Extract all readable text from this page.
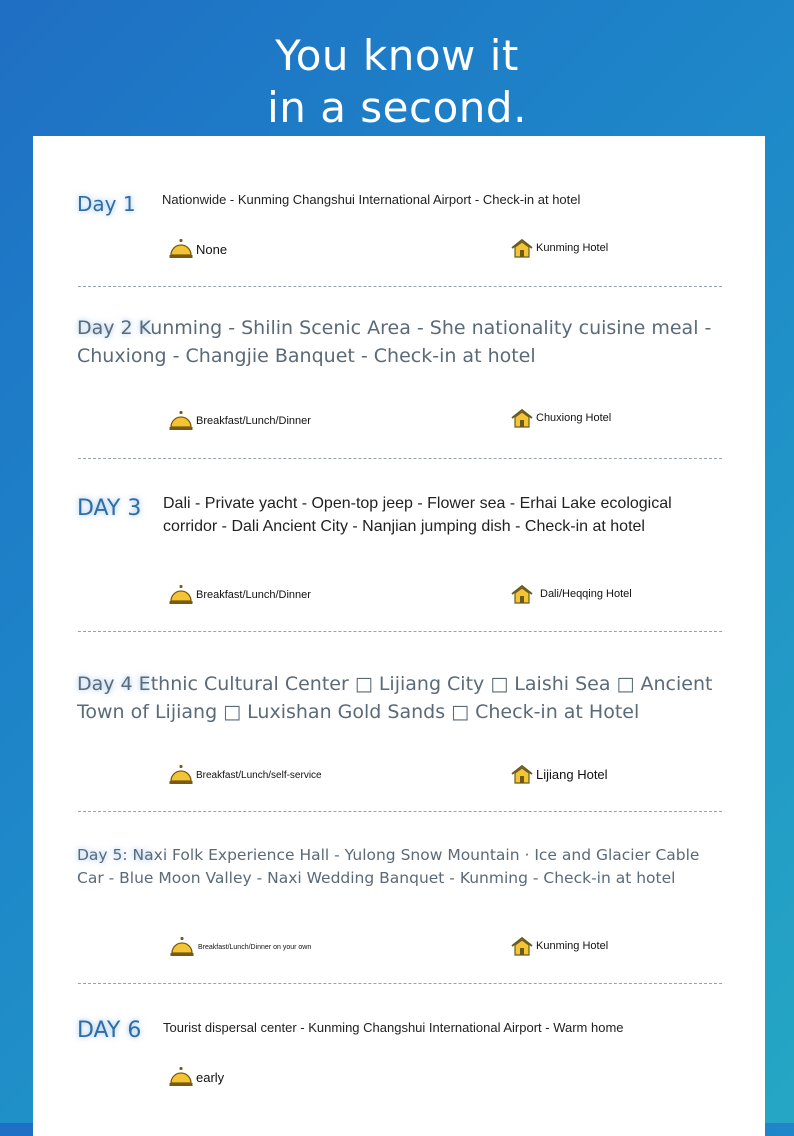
You know it
in a second.
Day 1 Nationwide - Kunming Changshui International Airport - Check-in at hotel
None	Kunming Hotel
Day 2 Kunming - Shilin Scenic Area - She nationality cuisine meal - Chuxiong - Changjie Banquet - Check-in at hotel
Breakfast/Lunch/Dinner	Chuxiong Hotel
DAY 3 Dali - Private yacht - Open-top jeep - Flower sea - Erhai Lake ecological corridor - Dali Ancient City - Nanjian jumping dish - Check-in at hotel
Breakfast/Lunch/Dinner	Dali/Heqqing Hotel
Day 4 Ethnic Cultural Center □ Lijiang City □ Laishi Sea □ Ancient Town of Lijiang □ Luxishan Gold Sands □ Check-in at Hotel
Breakfast/Lunch/self-service	Lijiang Hotel
Day 5: Naxi Folk Experience Hall - Yulong Snow Mountain · Ice and Glacier Cable Car - Blue Moon Valley - Naxi Wedding Banquet - Kunming - Check-in at hotel
Breakfast/Lunch/Dinner on your own	Kunming Hotel
DAY 6 Tourist dispersal center - Kunming Changshui International Airport - Warm home
early
